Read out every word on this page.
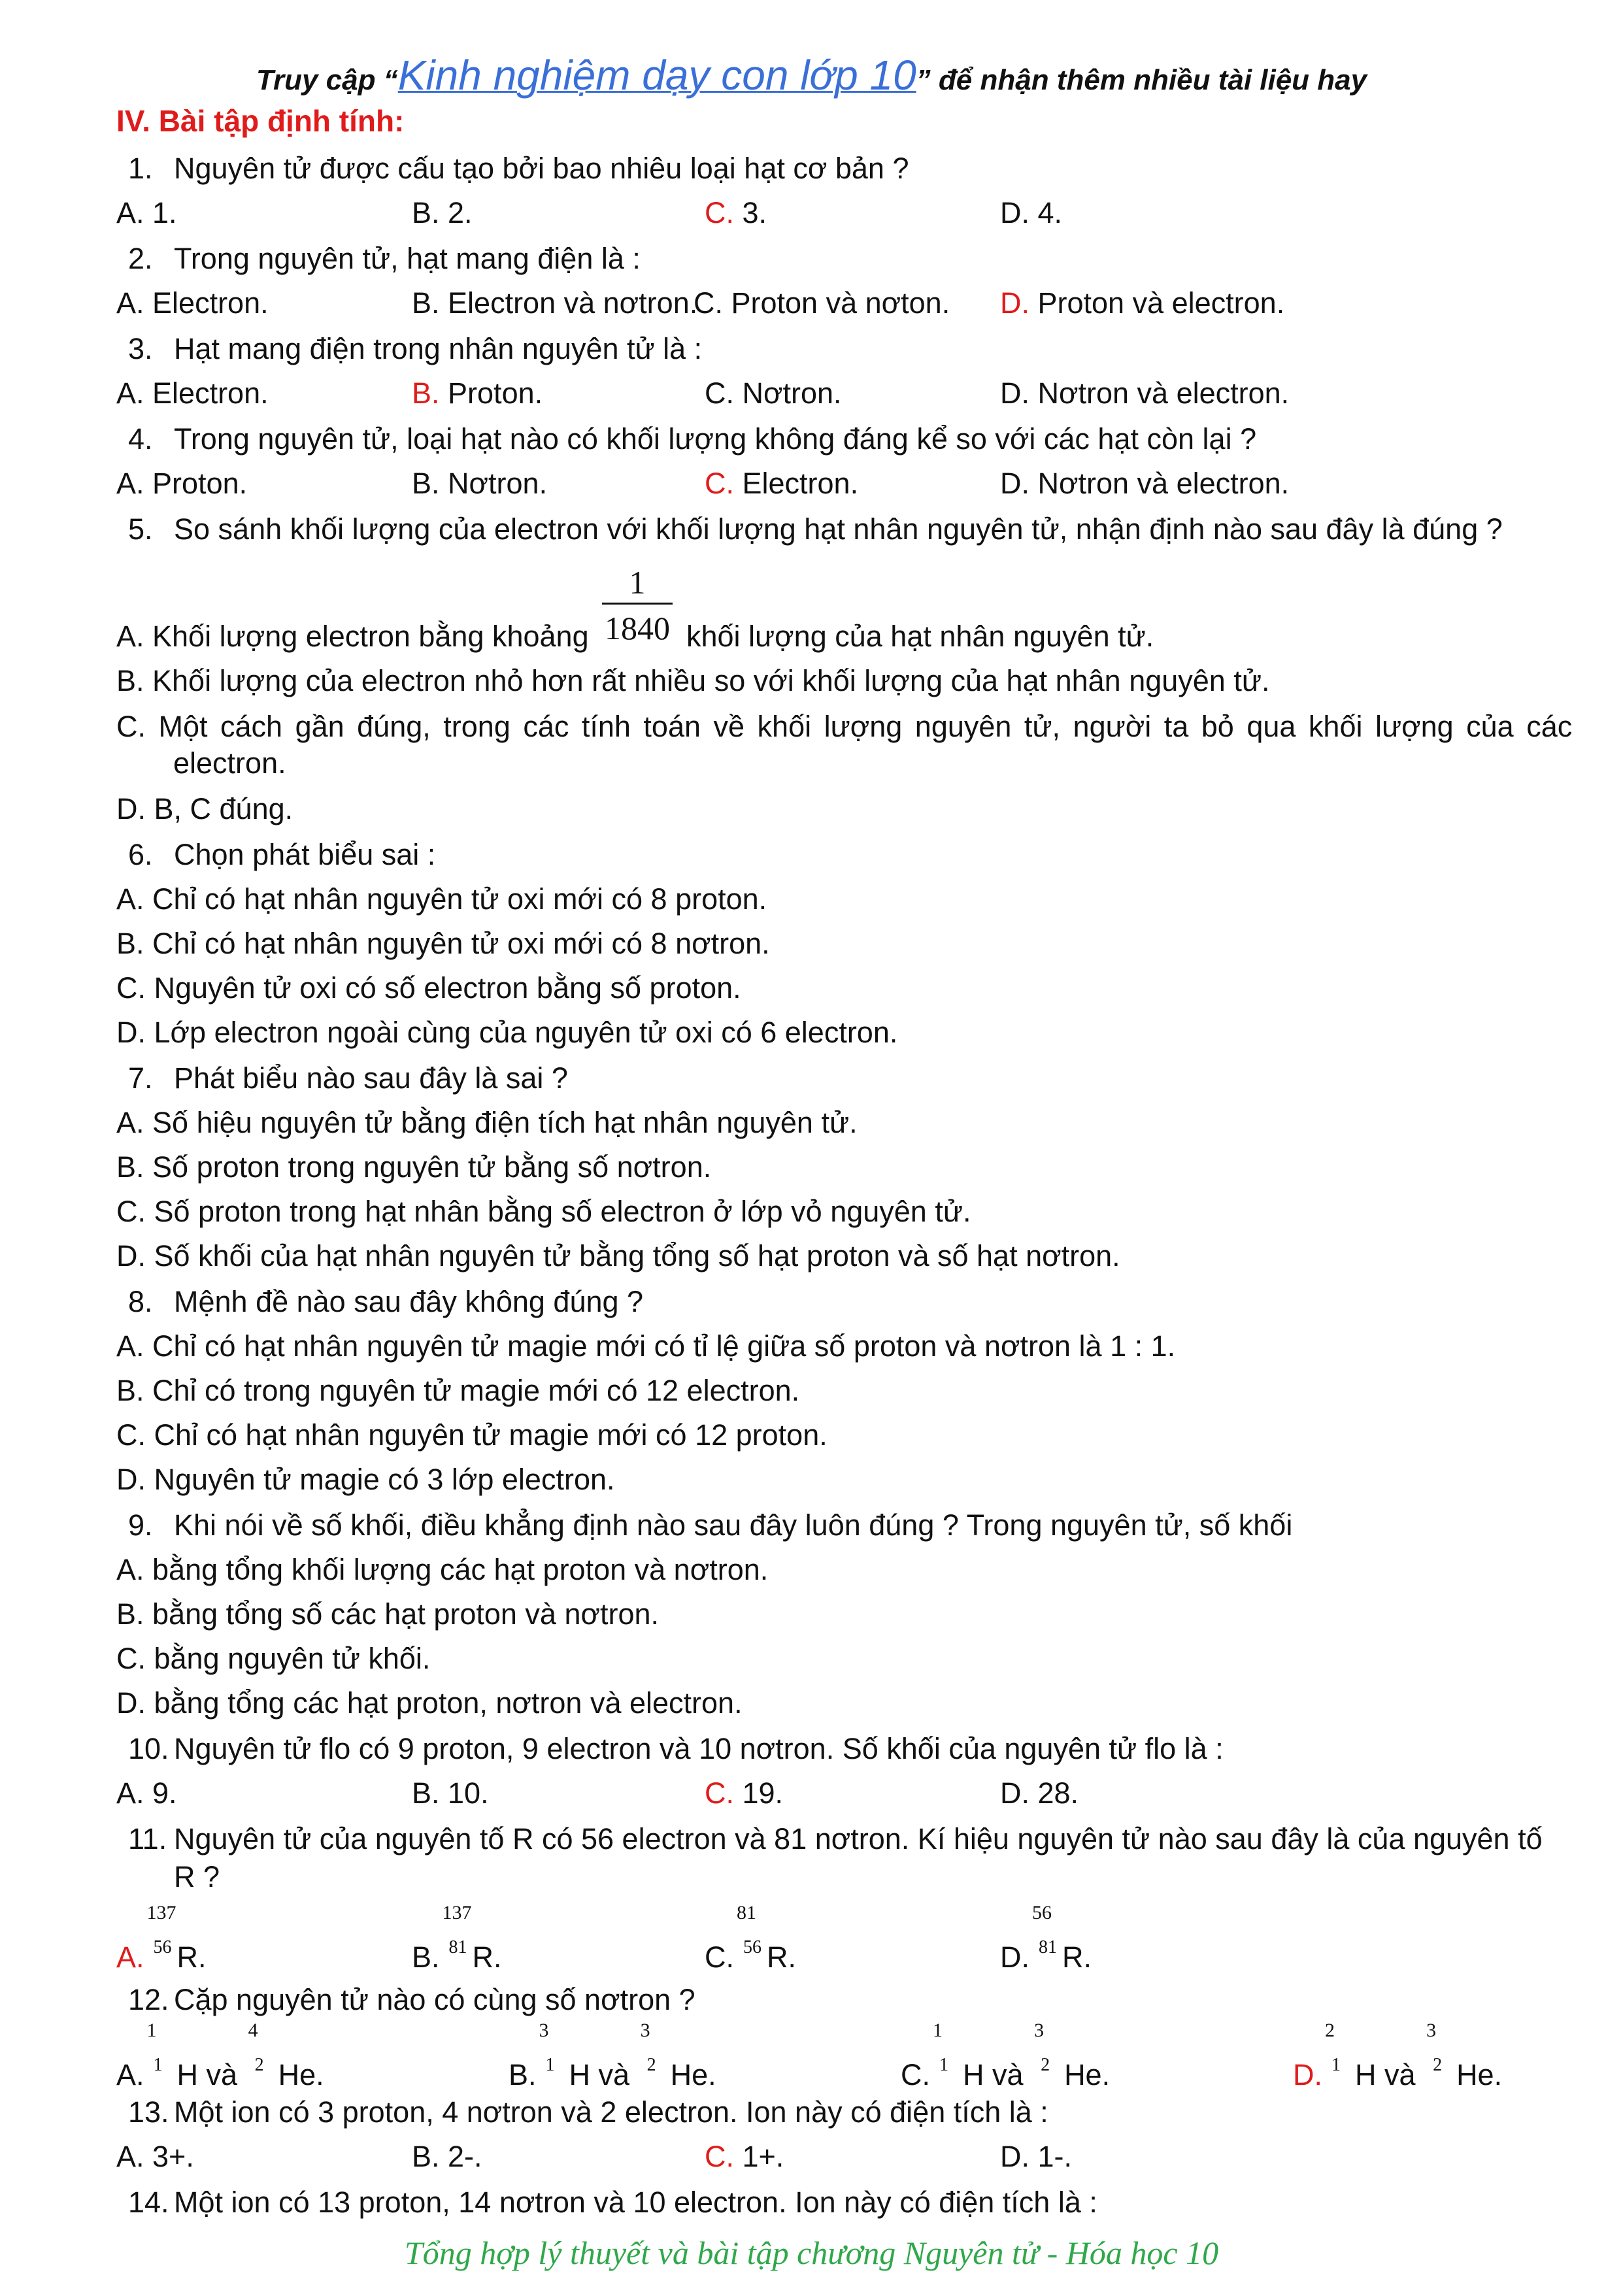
Truy cập “Kinh nghiệm dạy con lớp 10” để nhận thêm nhiều tài liệu hay
IV. Bài tập định tính:
1. Nguyên tử được cấu tạo bởi bao nhiêu loại hạt cơ bản ?
A. 1.	B. 2.	C. 3.	D. 4.
2. Trong nguyên tử, hạt mang điện là :
A. Electron.	B. Electron và nơtron.
C. Proton và nơton. D. Proton và electron.
3. Hạt mang điện trong nhân nguyên tử là :
A. Electron.	B. Proton.	C. Nơtron.	D. Nơtron và electron.
4. Trong nguyên tử, loại hạt nào có khối lượng không đáng kể so với các hạt còn lại ?
A. Proton.	B. Nơtron.	C. Electron.	D. Nơtron và electron.
5. So sánh khối lượng của electron với khối lượng hạt nhân nguyên tử, nhận định nào sau đây là đúng ?
A. Khối lượng electron bằng khoảng
1
1840 khối lượng của hạt nhân nguyên tử.
B. Khối lượng của electron nhỏ hơn rất nhiều so với khối lượng của hạt nhân nguyên tử.
C. Một cách gần đúng, trong các tính toán về khối lượng nguyên tử, người ta bỏ qua khối lượng của các
electron.
D. B, C đúng.
6. Chọn phát biểu sai :
A. Chỉ có hạt nhân nguyên tử oxi mới có 8 proton.
B. Chỉ có hạt nhân nguyên tử oxi mới có 8 nơtron.
C. Nguyên tử oxi có số electron bằng số proton.
D. Lớp electron ngoài cùng của nguyên tử oxi có 6 electron.
7. Phát biểu nào sau đây là sai ?
A. Số hiệu nguyên tử bằng điện tích hạt nhân nguyên tử.
B. Số proton trong nguyên tử bằng số nơtron.
C. Số proton trong hạt nhân bằng số electron ở lớp vỏ nguyên tử.
D. Số khối của hạt nhân nguyên tử bằng tổng số hạt proton và số hạt nơtron.
8. Mệnh đề nào sau đây không đúng ?
A. Chỉ có hạt nhân nguyên tử magie mới có tỉ lệ giữa số proton và nơtron là 1 : 1.
B. Chỉ có trong nguyên tử magie mới có 12 electron.
C. Chỉ có hạt nhân nguyên tử magie mới có 12 proton.
D. Nguyên tử magie có 3 lớp electron.
9. Khi nói về số khối, điều khẳng định nào sau đây luôn đúng ? Trong nguyên tử, số khối
A. bằng tổng khối lượng các hạt proton và nơtron.
B. bằng tổng số các hạt proton và nơtron.
C. bằng nguyên tử khối.
D. bằng tổng các hạt proton, nơtron và electron.
10. Nguyên tử flo có 9 proton, 9 electron và 10 nơtron. Số khối của nguyên tử flo là :
A. 9.	B. 10.	C. 19.	D. 28.
11. Nguyên tử của nguyên tố R có 56 electron và 81 nơtron. Kí hiệu nguyên tử nào sau đây là của nguyên tố
R ?
A.
137
56 R.	B.
137
81 R.	C.
81
56 R.	D.
56
81 R.
12. Cặp nguyên tử nào có cùng số nơtron ?
A.
1
1 H và
4
2 He.	B.
3
1 H và
3
2 He.	C.
1
1 H và
3
2 He.	D.
2
1 H và
3
2 He.
13. Một ion có 3 proton, 4 nơtron và 2 electron. Ion này có điện tích là :
A. 3+.	B. 2-.	C. 1+.	D. 1-.
14. Một ion có 13 proton, 14 nơtron và 10 electron. Ion này có điện tích là :
Tổng hợp lý thuyết và bài tập chương Nguyên tử - Hóa học 10
